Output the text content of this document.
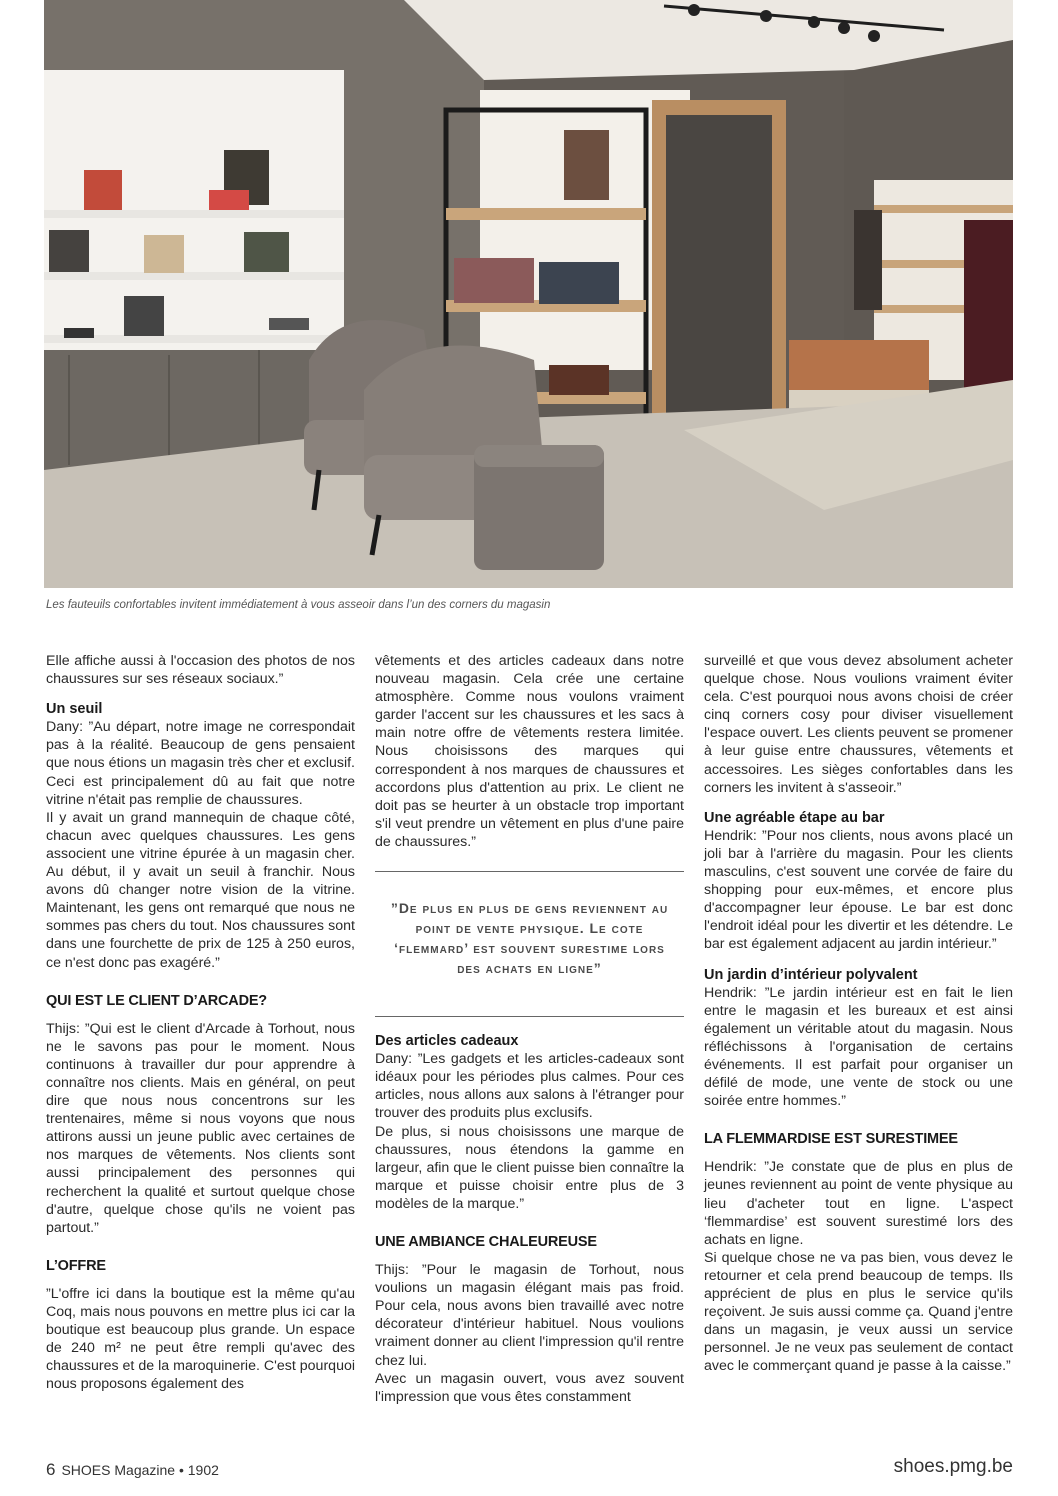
Les fauteuils confortables invitent immédiatement à vous asseoir dans l’un des corners du magasin

Elle affiche aussi à l'occasion des photos de nos chaussures sur ses réseaux sociaux.”

Un seuil

Dany: ”Au départ, notre image ne correspondait pas à la réalité. Beaucoup de gens pensaient que nous étions un magasin très cher et exclusif. Ceci est principalement dû au fait que notre vitrine n'était pas remplie de chaussures.

Il y avait un grand mannequin de chaque côté, chacun avec quelques chaussures. Les gens associent une vitrine épurée à un magasin cher. Au début, il y avait un seuil à franchir. Nous avons dû changer notre vision de la vitrine. Maintenant, les gens ont remarqué que nous ne sommes pas chers du tout. Nos chaussures sont dans une fourchette de prix de 125 à 250 euros, ce n'est donc pas exagéré.”

QUI EST LE CLIENT D’ARCADE?

Thijs: ”Qui est le client d'Arcade à Torhout, nous ne le savons pas pour le moment. Nous continuons à travailler dur pour apprendre à connaître nos clients. Mais en général, on peut dire que nous nous concentrons sur les trentenaires, même si nous voyons que nous attirons aussi un jeune public avec certaines de nos marques de vêtements. Nos clients sont aussi principalement des personnes qui recherchent la qualité et surtout quelque chose d'autre, quelque chose qu'ils ne voient pas partout.”

L’OFFRE

”L'offre ici dans la boutique est la même qu'au Coq, mais nous pouvons en mettre plus ici car la boutique est beaucoup plus grande. Un espace de 240 m² ne peut être rempli qu'avec des chaussures et de la maroquinerie. C'est pourquoi nous proposons également des

vêtements et des articles cadeaux dans notre nouveau magasin. Cela crée une certaine atmosphère. Comme nous voulons vraiment garder l'accent sur les chaussures et les sacs à main notre offre de vêtements restera limitée. Nous choisissons des marques qui correspondent à nos marques de chaussures et accordons plus d'attention au prix. Le client ne doit pas se heurter à un obstacle trop important s'il veut prendre un vêtement en plus d'une paire de chaussures.”

”De plus en plus de gens reviennent au point de vente physique. Le cote ‘flemmard’ est souvent surestime lors des achats en ligne”
Des articles cadeaux

Dany: ”Les gadgets et les articles-cadeaux sont idéaux pour les périodes plus calmes. Pour ces articles, nous allons aux salons à l'étranger pour trouver des produits plus exclusifs.

De plus, si nous choisissons une marque de chaussures, nous étendons la gamme en largeur, afin que le client puisse bien connaître la marque et puisse choisir entre plus de 3 modèles de la marque.”

UNE AMBIANCE CHALEUREUSE

Thijs: ”Pour le magasin de Torhout, nous voulions un magasin élégant mais pas froid. Pour cela, nous avons bien travaillé avec notre décorateur d'intérieur habituel. Nous voulions vraiment donner au client l'impression qu'il rentre chez lui.

Avec un magasin ouvert, vous avez souvent l'impression que vous êtes constamment

surveillé et que vous devez absolument acheter quelque chose. Nous voulions vraiment éviter cela. C'est pourquoi nous avons choisi de créer cinq corners cosy pour diviser visuellement l'espace ouvert. Les clients peuvent se promener à leur guise entre chaussures, vêtements et accessoires. Les sièges confortables dans les corners les invitent à s'asseoir.”

Une agréable étape au bar

Hendrik: ”Pour nos clients, nous avons placé un joli bar à l'arrière du magasin. Pour les clients masculins, c'est souvent une corvée de faire du shopping pour eux-mêmes, et encore plus d'accompagner leur épouse. Le bar est donc l'endroit idéal pour les divertir et les détendre. Le bar est également adjacent au jardin intérieur.”

Un jardin d’intérieur polyvalent

Hendrik: ”Le jardin intérieur est en fait le lien entre le magasin et les bureaux et est ainsi également un véritable atout du magasin. Nous réfléchissons à l'organisation de certains événements. Il est parfait pour organiser un défilé de mode, une vente de stock ou une soirée entre hommes.”

LA FLEMMARDISE EST SURESTIMEE

Hendrik: ”Je constate que de plus en plus de jeunes reviennent au point de vente physique au lieu d'acheter tout en ligne. L'aspect ‘flemmardise’ est souvent surestimé lors des achats en ligne.

Si quelque chose ne va pas bien, vous devez le retourner et cela prend beaucoup de temps. Ils apprécient de plus en plus le service qu'ils reçoivent. Je suis aussi comme ça. Quand j'entre dans un magasin, je veux aussi un service personnel. Je ne veux pas seulement de contact avec le commerçant quand je passe à la caisse.”

6 SHOES Magazine • 1902	shoes.pmg.be
